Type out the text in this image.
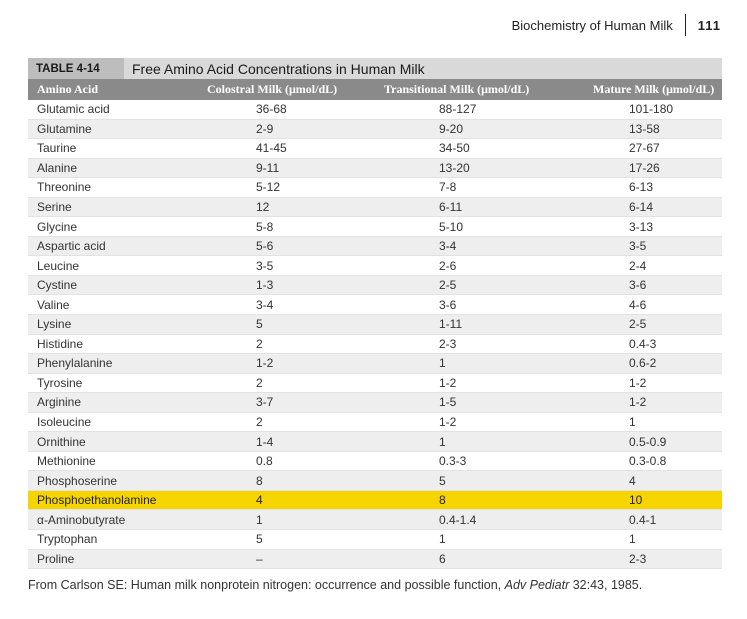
Biochemistry of Human Milk 111
TABLE 4-14	Free Amino Acid Concentrations in Human Milk
Amino Acid	Colostral Milk (μmol/dL)	Transitional Milk (μmol/dL)	Mature Milk (μmol/dL)
Glutamic acid	36-68	88-127	101-180
Glutamine	2-9	9-20	13-58
Taurine	41-45	34-50	27-67
Alanine	9-11	13-20	17-26
Threonine	5-12	7-8	6-13
Serine	12	6-11	6-14
Glycine	5-8	5-10	3-13
Aspartic acid	5-6	3-4	3-5
Leucine	3-5	2-6	2-4
Cystine	1-3	2-5	3-6
Valine	3-4	3-6	4-6
Lysine	5	1-11	2-5
Histidine	2	2-3	0.4-3
Phenylalanine	1-2	1	0.6-2
Tyrosine	2	1-2	1-2
Arginine	3-7	1-5	1-2
Isoleucine	2	1-2	1
Ornithine	1-4	1	0.5-0.9
Methionine	0.8	0.3-3	0.3-0.8
Phosphoserine	8	5	4
Phosphoethanolamine	4	8	10
α-Aminobutyrate	1	0.4-1.4	0.4-1
Tryptophan	5	1	1
Proline	–	6	2-3
From Carlson SE: Human milk nonprotein nitrogen: occurrence and possible function, Adv Pediatr 32:43, 1985.
